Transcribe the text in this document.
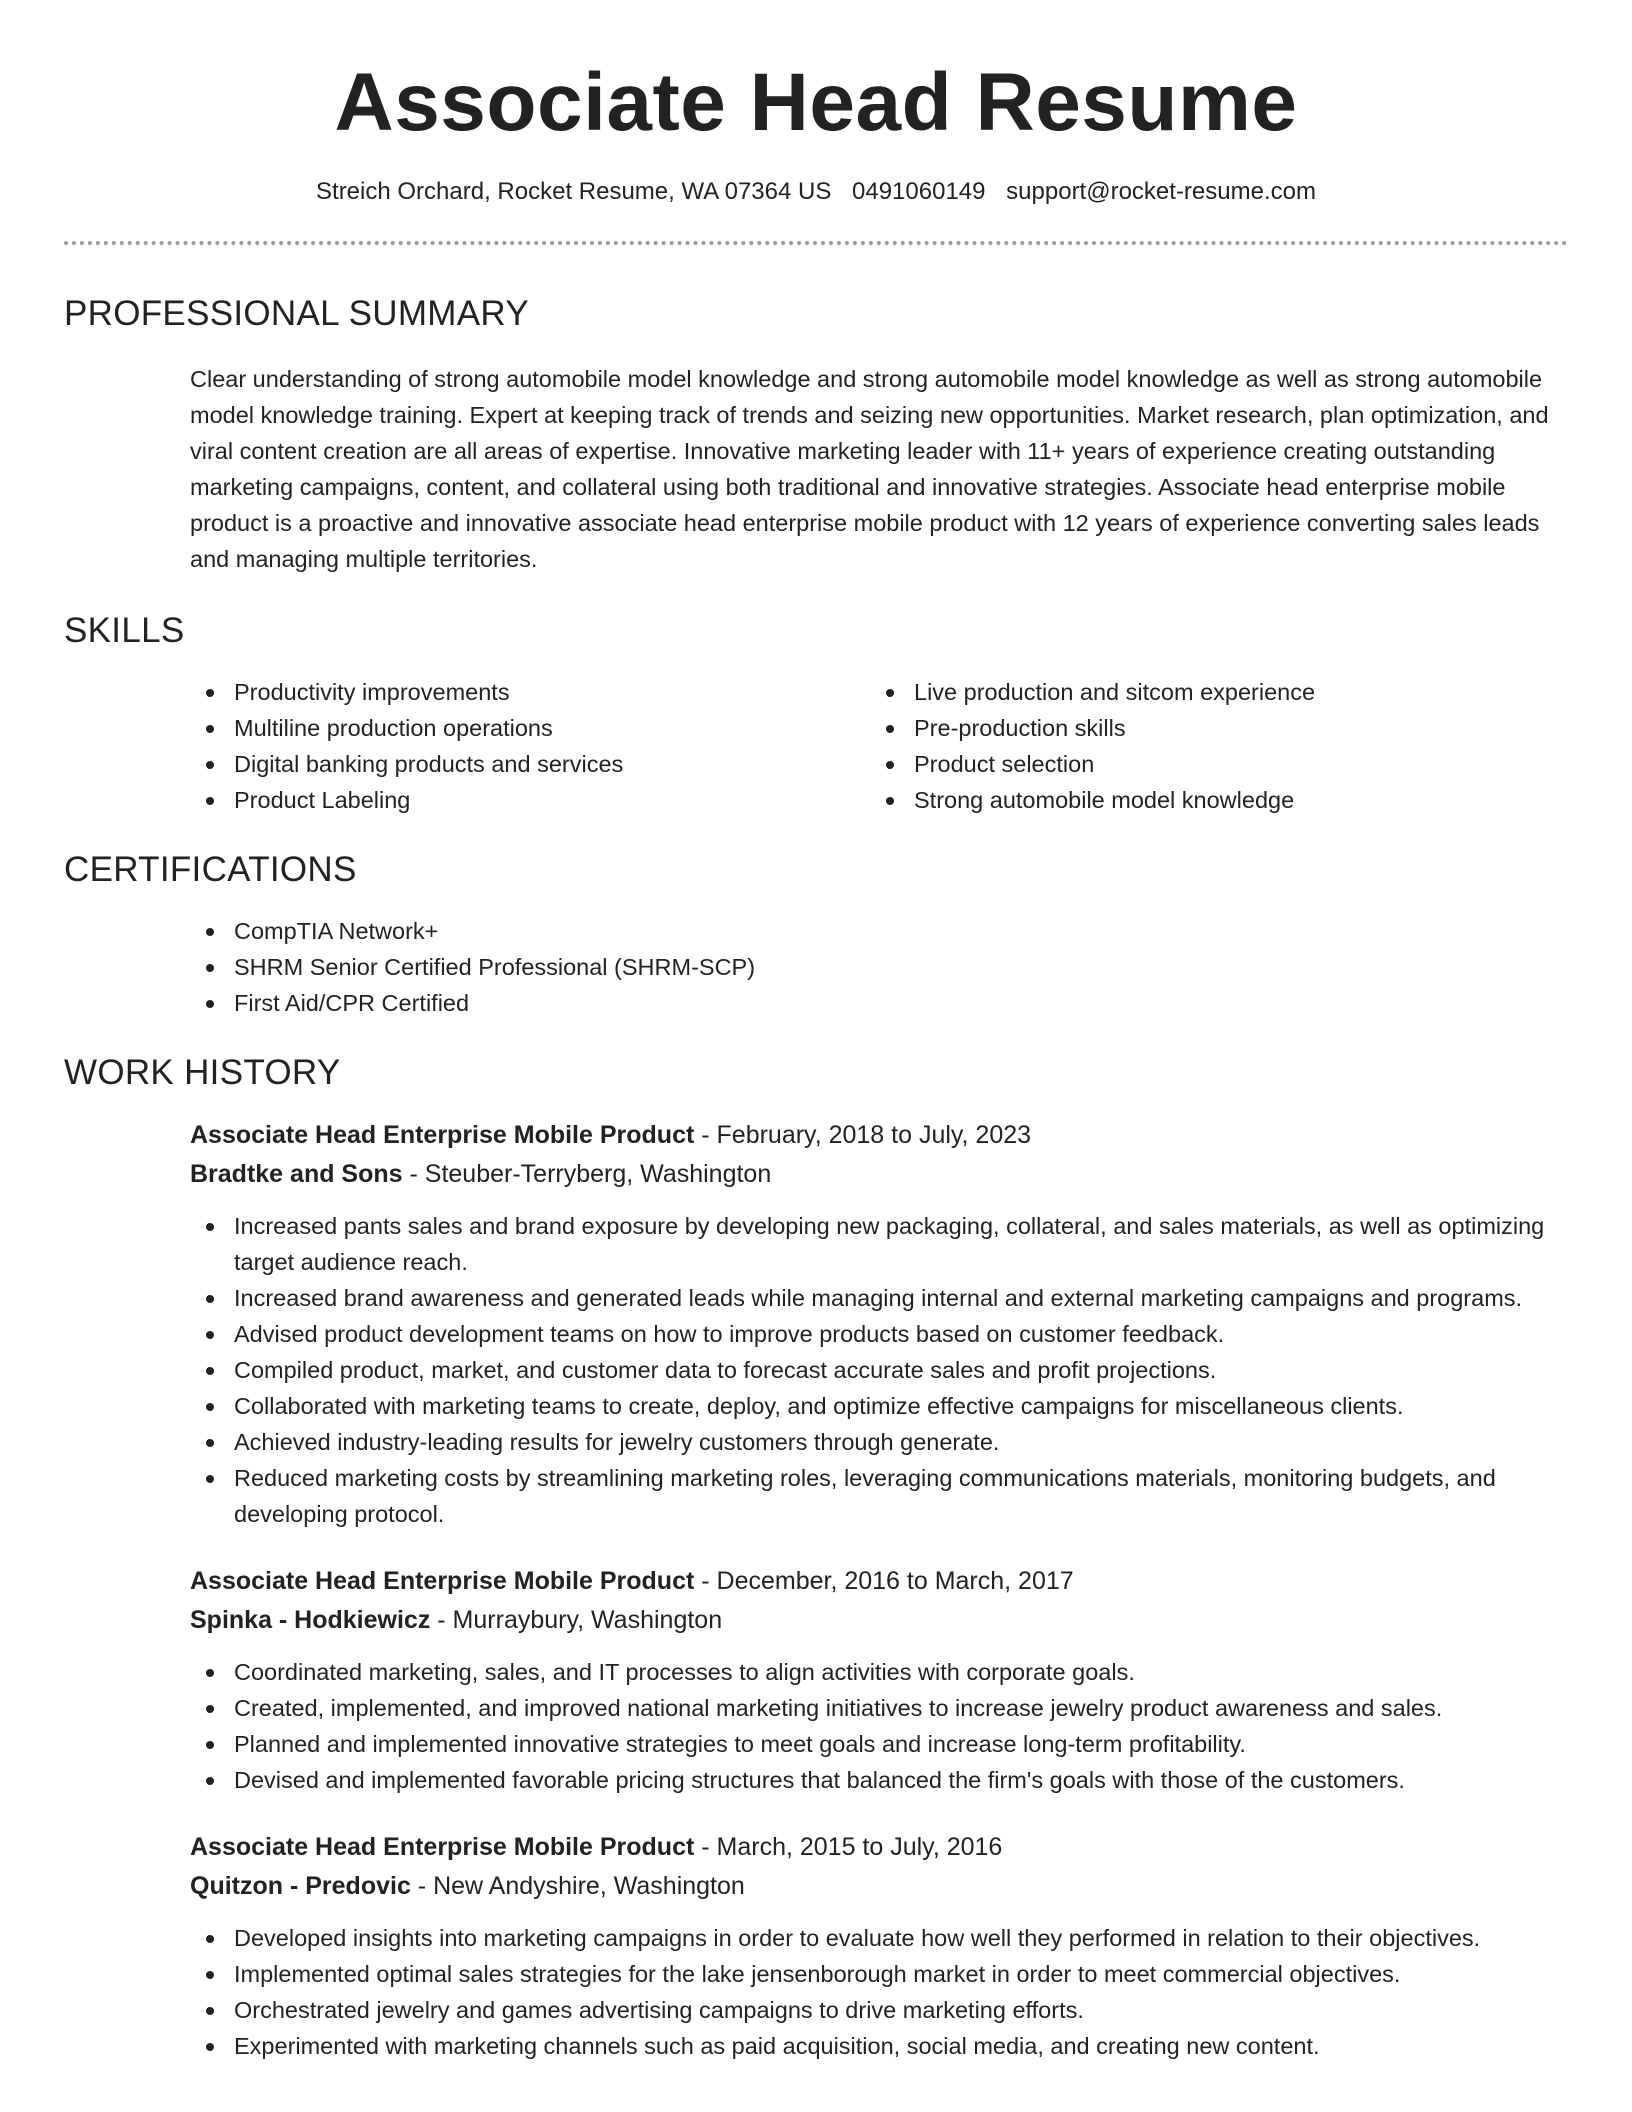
Associate Head Resume
Streich Orchard, Rocket Resume, WA 07364 US 0491060149 support@rocket-resume.com
PROFESSIONAL SUMMARY

Clear understanding of strong automobile model knowledge and strong automobile model knowledge as well as strong automobile model knowledge training. Expert at keeping track of trends and seizing new opportunities. Market research, plan optimization, and viral content creation are all areas of expertise. Innovative marketing leader with 11+ years of experience creating outstanding marketing campaigns, content, and collateral using both traditional and innovative strategies. Associate head enterprise mobile product is a proactive and innovative associate head enterprise mobile product with 12 years of experience converting sales leads and managing multiple territories.

SKILLS
Productivity improvements
Multiline production operations
Digital banking products and services
Product Labeling
Live production and sitcom experience
Pre-production skills
Product selection
Strong automobile model knowledge
CERTIFICATIONS
CompTIA Network+
SHRM Senior Certified Professional (SHRM-SCP)
First Aid/CPR Certified
WORK HISTORY
Associate Head Enterprise Mobile Product - February, 2018 to July, 2023
Bradtke and Sons - Steuber-Terryberg, Washington
Increased pants sales and brand exposure by developing new packaging, collateral, and sales materials, as well as optimizing target audience reach.
Increased brand awareness and generated leads while managing internal and external marketing campaigns and programs.
Advised product development teams on how to improve products based on customer feedback.
Compiled product, market, and customer data to forecast accurate sales and profit projections.
Collaborated with marketing teams to create, deploy, and optimize effective campaigns for miscellaneous clients.
Achieved industry-leading results for jewelry customers through generate.
Reduced marketing costs by streamlining marketing roles, leveraging communications materials, monitoring budgets, and developing protocol.
Associate Head Enterprise Mobile Product - December, 2016 to March, 2017
Spinka - Hodkiewicz - Murraybury, Washington
Coordinated marketing, sales, and IT processes to align activities with corporate goals.
Created, implemented, and improved national marketing initiatives to increase jewelry product awareness and sales.
Planned and implemented innovative strategies to meet goals and increase long-term profitability.
Devised and implemented favorable pricing structures that balanced the firm's goals with those of the customers.
Associate Head Enterprise Mobile Product - March, 2015 to July, 2016
Quitzon - Predovic - New Andyshire, Washington
Developed insights into marketing campaigns in order to evaluate how well they performed in relation to their objectives.
Implemented optimal sales strategies for the lake jensenborough market in order to meet commercial objectives.
Orchestrated jewelry and games advertising campaigns to drive marketing efforts.
Experimented with marketing channels such as paid acquisition, social media, and creating new content.
